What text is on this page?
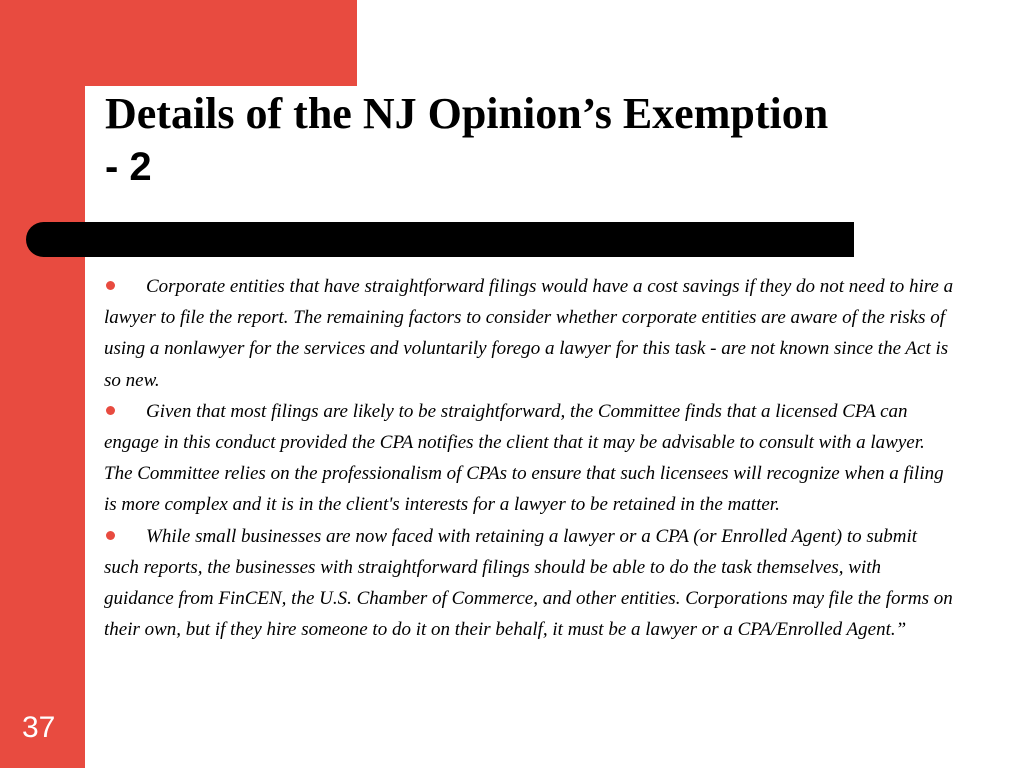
Details of the NJ Opinion’s Exemption
- 2

Corporate entities that have straightforward filings would have a cost savings if they do not need to hire a lawyer to file the report. The remaining factors to consider whether corporate entities are aware of the risks of using a nonlawyer for the services and voluntarily forego a lawyer for this task - are not known since the Act is so new.

Given that most filings are likely to be straightforward, the Committee finds that a licensed CPA can engage in this conduct provided the CPA notifies the client that it may be advisable to consult with a lawyer. The Committee relies on the professionalism of CPAs to ensure that such licensees will recognize when a filing is more complex and it is in the client's interests for a lawyer to be retained in the matter.

While small businesses are now faced with retaining a lawyer or a CPA (or Enrolled Agent) to submit such reports, the businesses with straightforward filings should be able to do the task themselves, with guidance from FinCEN, the U.S. Chamber of Commerce, and other entities. Corporations may file the forms on their own, but if they hire someone to do it on their behalf, it must be a lawyer or a CPA/Enrolled Agent.”

37
